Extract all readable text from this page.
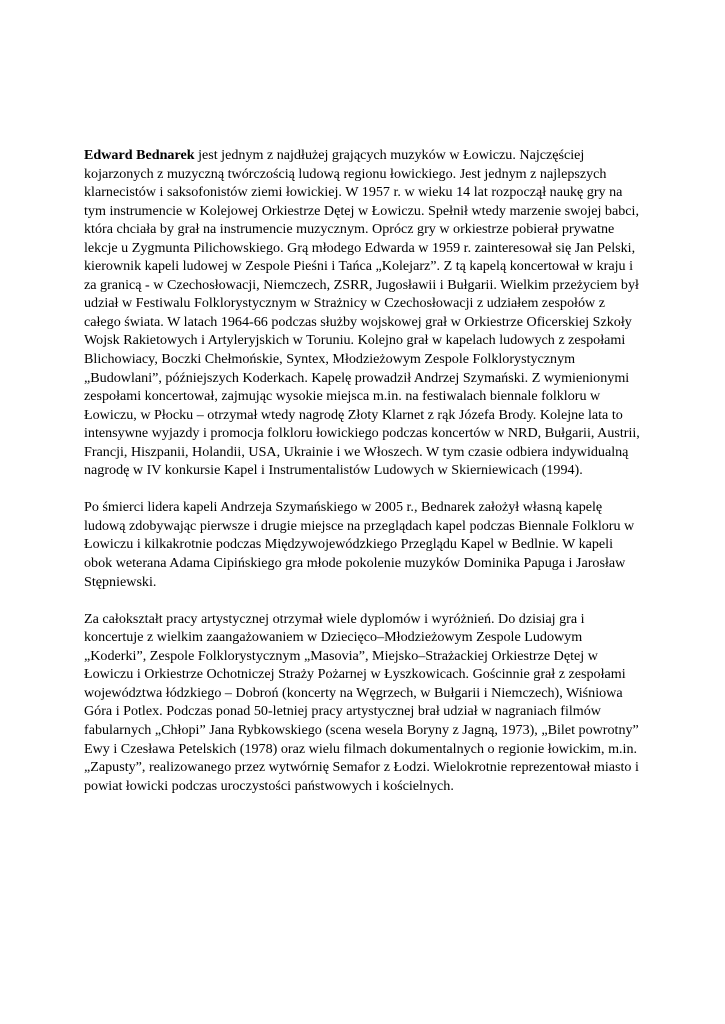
Edward Bednarek jest jednym z najdłużej grających muzyków w Łowiczu. Najczęściej kojarzonych z muzyczną twórczością ludową regionu łowickiego. Jest jednym z najlepszych klarnecistów i saksofonistów ziemi łowickiej. W 1957 r. w wieku 14 lat rozpoczął naukę gry na tym instrumencie w Kolejowej Orkiestrze Dętej w Łowiczu. Spełnił wtedy marzenie swojej babci, która chciała by grał na instrumencie muzycznym. Oprócz gry w orkiestrze pobierał prywatne lekcje u Zygmunta Pilichowskiego. Grą młodego Edwarda w 1959 r. zainteresował się Jan Pelski, kierownik kapeli ludowej w Zespole Pieśni i Tańca „Kolejarz”. Z tą kapelą koncertował w kraju i za granicą - w Czechosłowacji, Niemczech, ZSRR, Jugosławii i Bułgarii. Wielkim przeżyciem był udział w Festiwalu Folklorystycznym w Strażnicy w Czechosłowacji z udziałem zespołów z całego świata. W latach 1964-66 podczas służby wojskowej grał w Orkiestrze Oficerskiej Szkoły Wojsk Rakietowych i Artyleryjskich w Toruniu. Kolejno grał w kapelach ludowych z zespołami Blichowiacy, Boczki Chełmońskie, Syntex, Młodzieżowym Zespole Folklorystycznym „Budowlani”, późniejszych Koderkach. Kapelę prowadził Andrzej Szymański. Z wymienionymi zespołami koncertował, zajmując wysokie miejsca m.in. na festiwalach biennale folkloru w Łowiczu, w Płocku – otrzymał wtedy nagrodę Złoty Klarnet z rąk Józefa Brody. Kolejne lata to intensywne wyjazdy i promocja folkloru łowickiego podczas koncertów w NRD, Bułgarii, Austrii, Francji, Hiszpanii, Holandii, USA, Ukrainie i we Włoszech. W tym czasie odbiera indywidualną nagrodę w IV konkursie Kapel i Instrumentalistów Ludowych w Skierniewicach (1994).

Po śmierci lidera kapeli Andrzeja Szymańskiego w 2005 r., Bednarek założył własną kapelę ludową zdobywając pierwsze i drugie miejsce na przeglądach kapel podczas Biennale Folkloru w Łowiczu i kilkakrotnie podczas Międzywojewódzkiego Przeglądu Kapel w Bedlnie. W kapeli obok weterana Adama Cipińskiego gra młode pokolenie muzyków Dominika Papuga i Jarosław Stępniewski.

Za całokształt pracy artystycznej otrzymał wiele dyplomów i wyróżnień. Do dzisiaj gra i koncertuje z wielkim zaangażowaniem w Dziecięco–Młodzieżowym Zespole Ludowym „Koderki”, Zespole Folklorystycznym „Masovia”, Miejsko–Strażackiej Orkiestrze Dętej w Łowiczu i Orkiestrze Ochotniczej Straży Pożarnej w Łyszkowicach. Gościnnie grał z zespołami województwa łódzkiego – Dobroń (koncerty na Węgrzech, w Bułgarii i Niemczech), Wiśniowa Góra i Potlex. Podczas ponad 50-letniej pracy artystycznej brał udział w nagraniach filmów fabularnych „Chłopi” Jana Rybkowskiego (scena wesela Boryny z Jagną, 1973), „Bilet powrotny” Ewy i Czesława Petelskich (1978) oraz wielu filmach dokumentalnych o regionie łowickim, m.in. „Zapusty”, realizowanego przez wytwórnię Semafor z Łodzi. Wielokrotnie reprezentował miasto i powiat łowicki podczas uroczystości państwowych i kościelnych.
